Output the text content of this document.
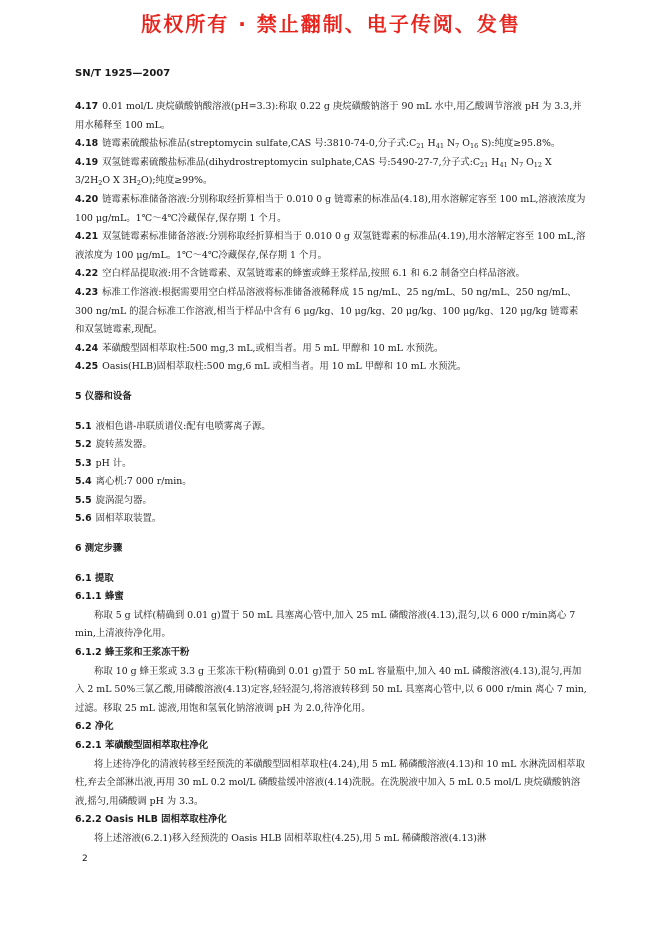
版权所有 · 禁止翻制、电子传阅、发售
SN/T 1925—2007

4.17 0.01 mol/L 庚烷磺酸钠酸溶液(pH=3.3):称取 0.22 g 庚烷磺酸钠溶于 90 mL 水中,用乙酸调节溶液 pH 为 3.3,并用水稀释至 100 mL。

4.18 链霉素硫酸盐标准品(streptomycin sulfate,CAS 号:3810-74-0,分子式$:C_{21}$ $H_{41}$ $N_7$ $O_{16}$ S):纯度≥95.8%。

4.19 双氢链霉素硫酸盐标准品(dihydrostreptomycin sulphate,CAS 号:5490-27-7,分子式$:C_{21}$ $H_{41}$ $N_7$ $O_{12}$ X $3/2H_2O$ X $3H_2O$);纯度≥99%。

4.20 链霉素标准储备溶液:分别称取经折算相当于 0.010 0 g 链霉素的标准品(4.18),用水溶解定容至 100 mL,溶液浓度为 100 μg/mL。1℃～4℃冷藏保存,保存期 1 个月。

4.21 双氢链霉素标准储备溶液:分别称取经折算相当于 0.010 0 g 双氢链霉素的标准品(4.19),用水溶解定容至 100 mL,溶液浓度为 100 μg/mL。1℃～4℃冷藏保存,保存期 1 个月。

4.22 空白样品提取液:用不含链霉素、双氢链霉素的蜂蜜或蜂王浆样品,按照 6.1 和 6.2 制备空白样品溶液。

4.23 标准工作溶液:根据需要用空白样品溶液将标准储备液稀释成 15 ng/mL、25 ng/mL、50 ng/mL、250 ng/mL、300 ng/mL 的混合标准工作溶液,相当于样品中含有 6 μg/kg、10 μg/kg、20 μg/kg、100 μg/kg、120 μg/kg 链霉素和双氢链霉素,现配。

4.24 苯磺酸型固相萃取柱:500 mg,3 mL,或相当者。用 5 mL 甲醇和 10 mL 水预洗。

4.25 Oasis(HLB)固相萃取柱:500 mg,6 mL 或相当者。用 10 mL 甲醇和 10 mL 水预洗。

5 仪器和设备

5.1 液相色谱-串联质谱仪:配有电喷雾离子源。

5.2 旋转蒸发器。

5.3 pH 计。

5.4 离心机:7 000 r/min。

5.5 旋涡混匀器。

5.6 固相萃取装置。

6 测定步骤

6.1 提取

6.1.1 蜂蜜

称取 5 g 试样(精确到 0.01 g)置于 50 mL 具塞离心管中,加入 25 mL 磷酸溶液(4.13),混匀,以 6 000 r/min离心 7 min,上清液待净化用。

6.1.2 蜂王浆和王浆冻干粉

称取 10 g 蜂王浆或 3.3 g 王浆冻干粉(精确到 0.01 g)置于 50 mL 容量瓶中,加入 40 mL 磷酸溶液(4.13),混匀,再加入 2 mL 50%三氯乙酸,用磷酸溶液(4.13)定容,轻轻混匀,将溶液转移到 50 mL 具塞离心管中,以 6 000 r/min 离心 7 min,过滤。移取 25 mL 滤液,用饱和氢氧化钠溶液调 pH 为 2.0,待净化用。

6.2 净化

6.2.1 苯磺酸型固相萃取柱净化

将上述待净化的清液转移至经预洗的苯磺酸型固相萃取柱(4.24),用 5 mL 稀磷酸溶液(4.13)和 10 mL 水淋洗固相萃取柱,弃去全部淋出液,再用 30 mL 0.2 mol/L 磷酸盐缓冲溶液(4.14)洗脱。在洗脱液中加入 5 mL 0.5 mol/L 庚烷磺酸钠溶液,摇匀,用磷酸调 pH 为 3.3。

6.2.2 Oasis HLB 固相萃取柱净化

将上述溶液(6.2.1)移入经预洗的 Oasis HLB 固相萃取柱(4.25),用 5 mL 稀磷酸溶液(4.13)淋

2
